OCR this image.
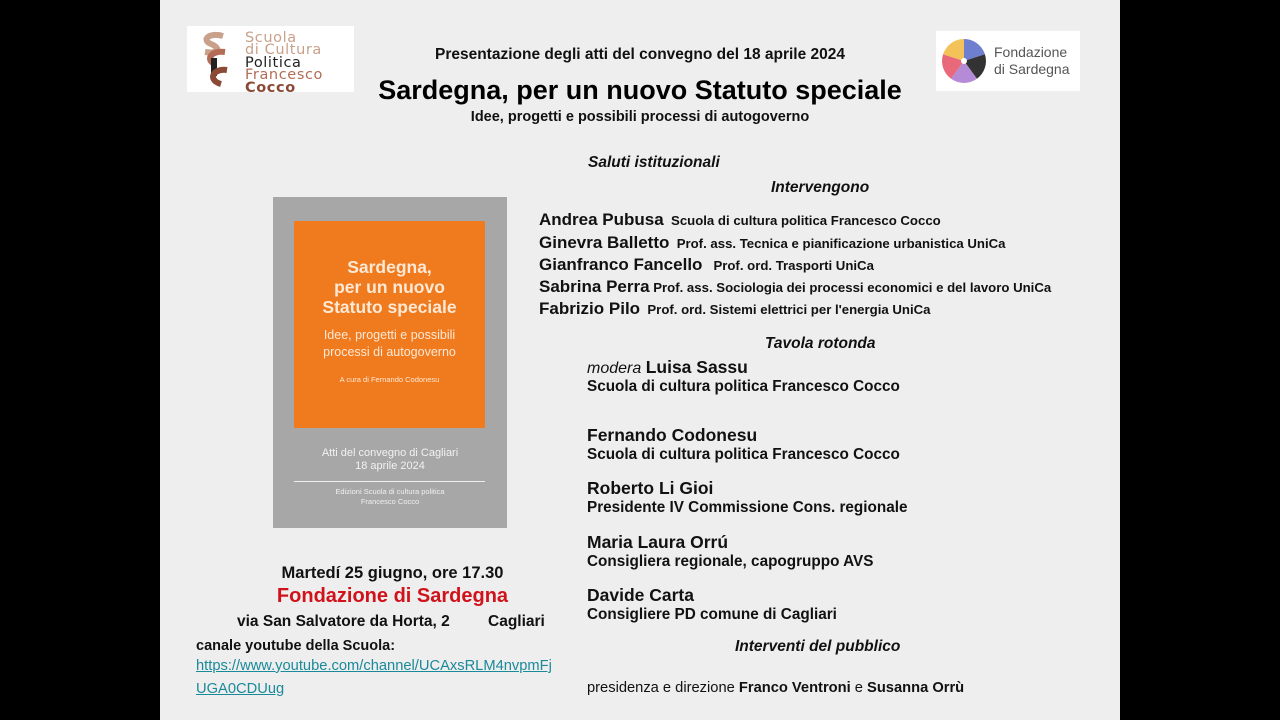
Scuola
di Cultura
Politica
Francesco
Cocco
Fondazione
di Sardegna
Presentazione degli atti del convegno del 18 aprile 2024
Sardegna, per un nuovo Statuto speciale
Idee, progetti e possibili processi di autogoverno
Sardegna,
per un nuovo
Statuto speciale
Idee, progetti e possibili
processi di autogoverno
A cura di Fernando Codonesu
Atti del convegno di Cagliari
18 aprile 2024
Edizioni Scuola di cultura politica
Francesco Cocco
Saluti istituzionali
Intervengono
Andrea Pubusa Scuola di cultura politica Francesco Cocco
Ginevra Balletto Prof. ass. Tecnica e pianificazione urbanistica UniCa
Gianfranco Fancello Prof. ord. Trasporti UniCa
Sabrina Perra Prof. ass. Sociologia dei processi economici e del lavoro UniCa
Fabrizio Pilo Prof. ord. Sistemi elettrici per l'energia UniCa
Tavola rotonda
modera Luisa Sassu
Scuola di cultura politica Francesco Cocco
Fernando Codonesu
Scuola di cultura politica Francesco Cocco
Roberto Li Gioi
Presidente IV Commissione Cons. regionale
Maria Laura Orrú
Consigliera regionale, capogruppo AVS
Davide Carta
Consigliere PD comune di Cagliari
Interventi del pubblico
presidenza e direzione Franco Ventroni e Susanna Orrù
Martedí 25 giugno, ore 17.30
Fondazione di Sardegna
via San Salvatore da Horta, 2 Cagliari
canale youtube della Scuola:
https://www.youtube.com/channel/UCAxsRLM4nvpmFj
UGA0CDUug
